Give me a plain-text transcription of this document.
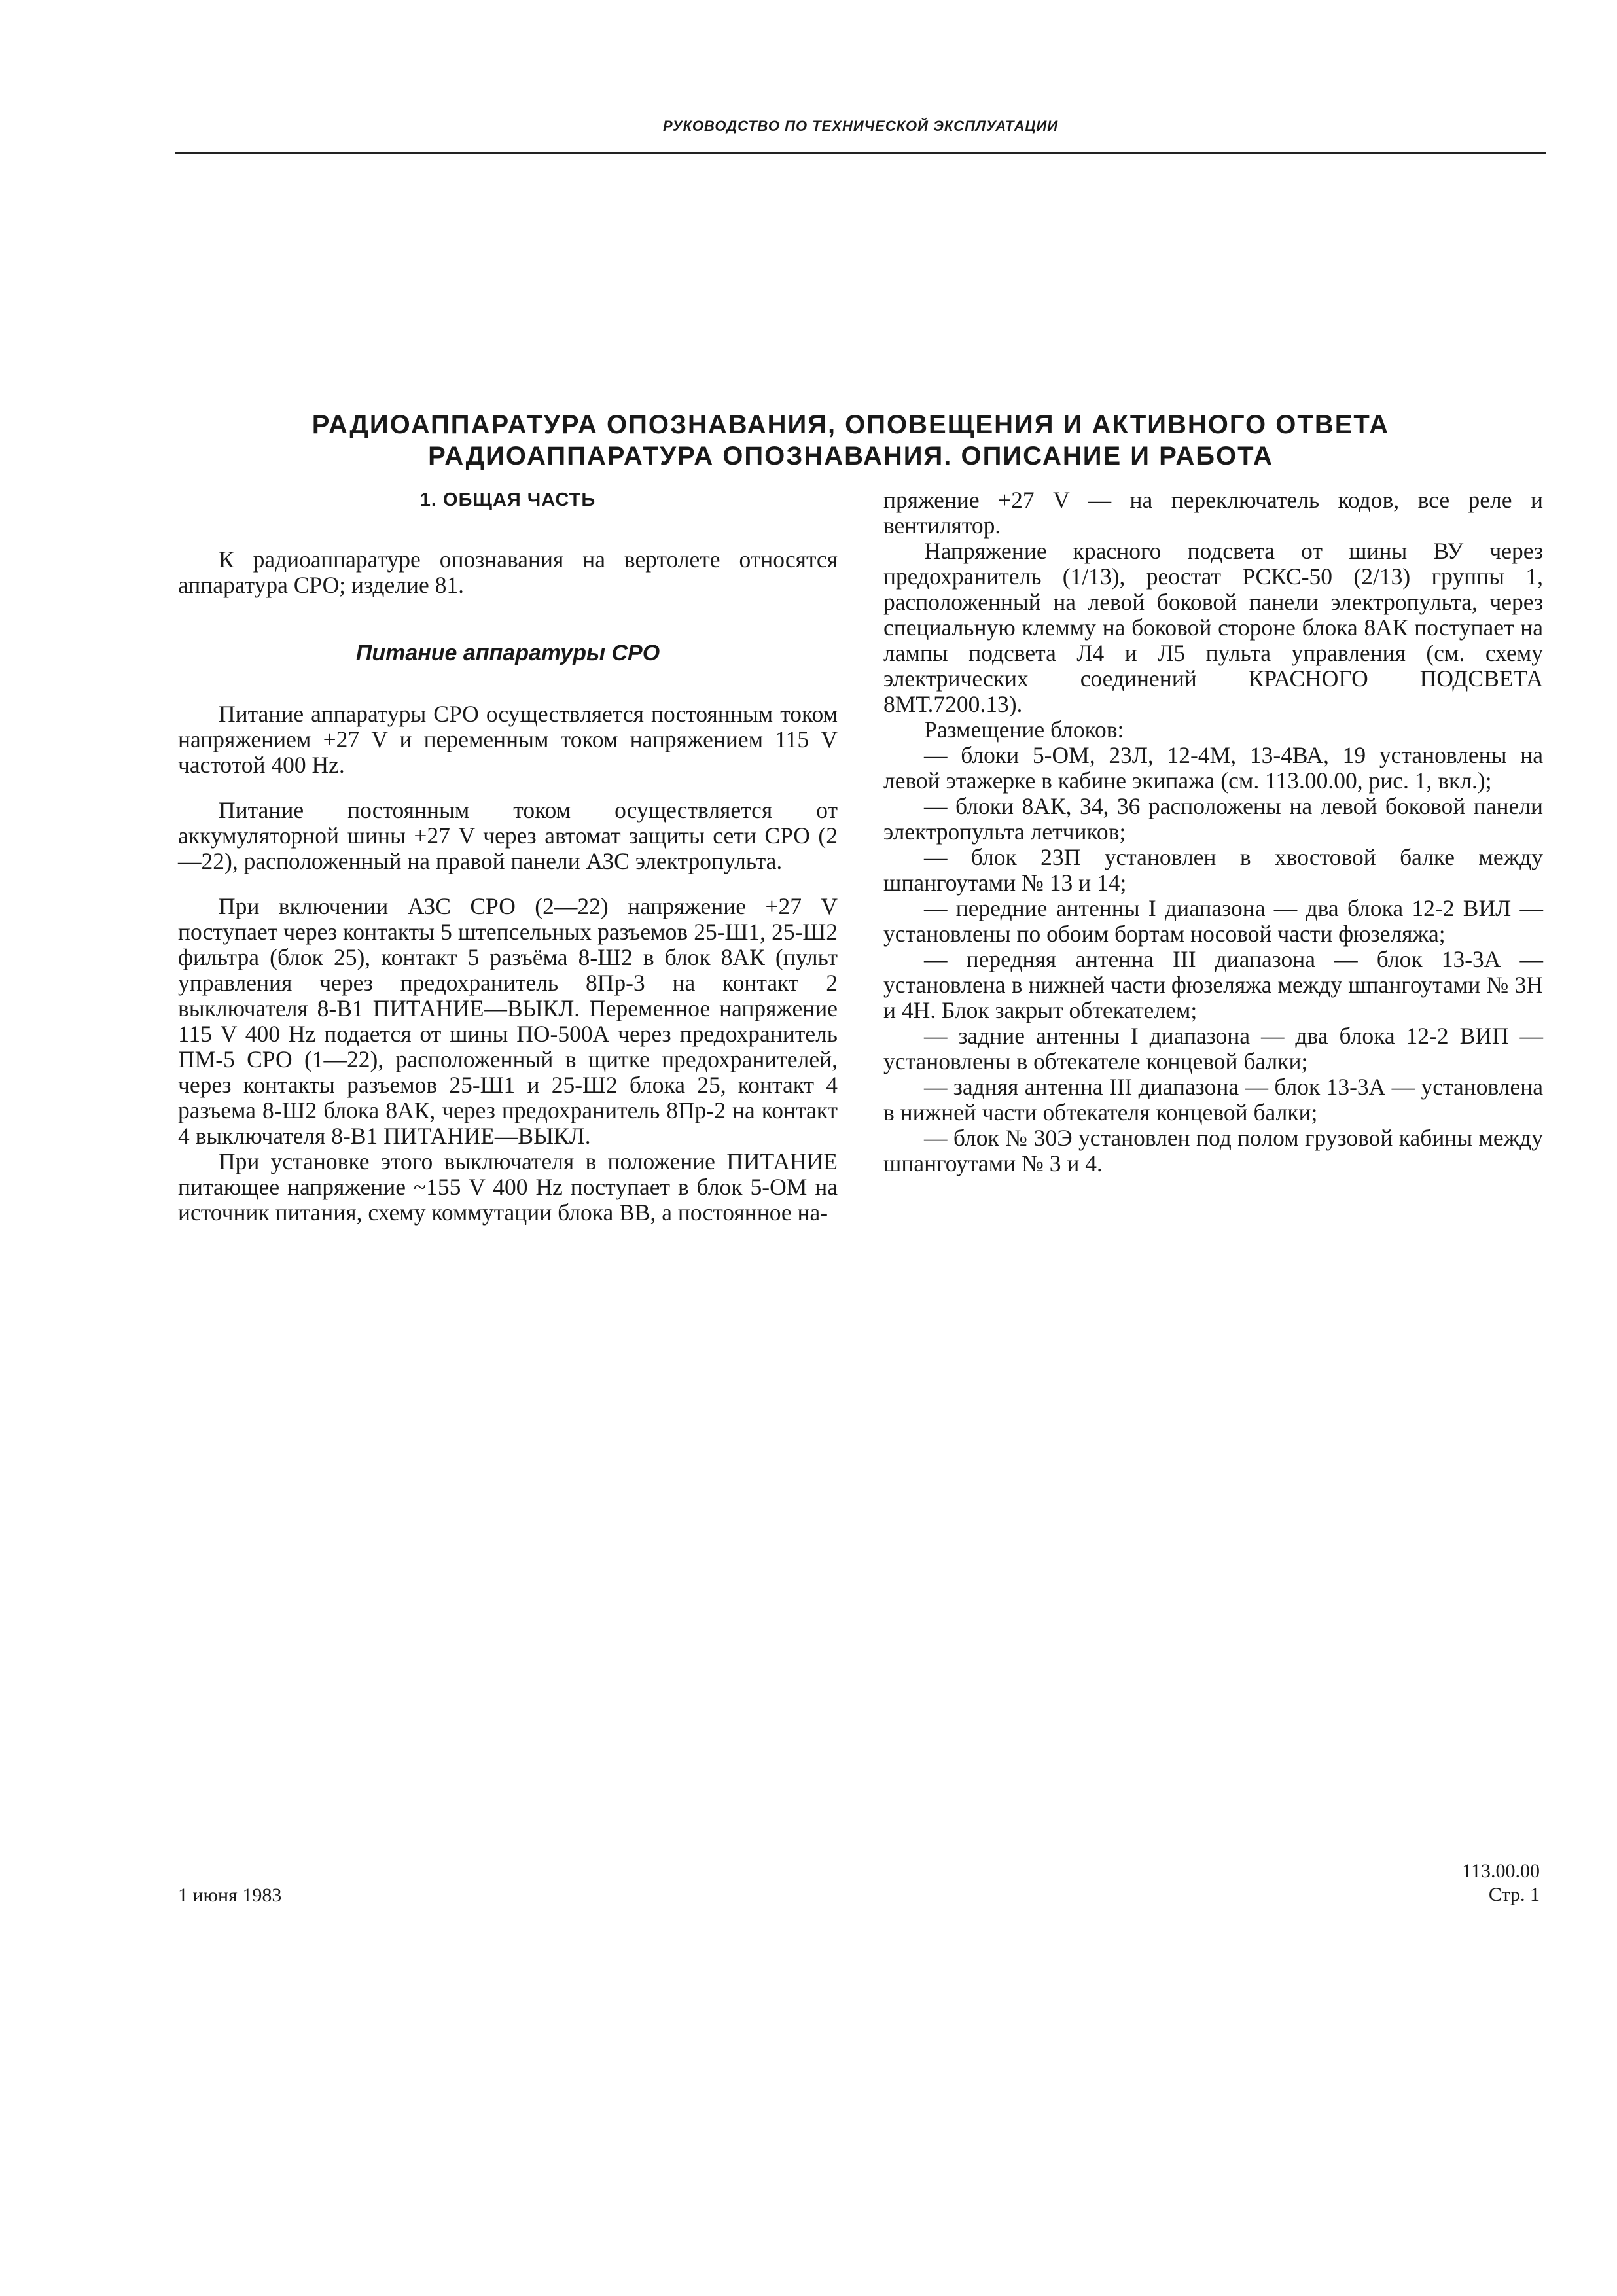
РУКОВОДСТВО ПО ТЕХНИЧЕСКОЙ ЭКСПЛУАТАЦИИ
РАДИОАППАРАТУРА ОПОЗНАВАНИЯ, ОПОВЕЩЕНИЯ И АКТИВНОГО ОТВЕТА
РАДИОАППАРАТУРА ОПОЗНАВАНИЯ. ОПИСАНИЕ И РАБОТА

1. ОБЩАЯ ЧАСТЬ

К радиоаппаратуре опознавания на вертолете относятся аппаратура СРО; изделие 81.

Питание аппаратуры СРО

Питание аппаратуры СРО осуществляется постоянным током напряжением +27 V и переменным током напряжением 115 V частотой 400 Hz.

Питание постоянным током осуществляется от аккумуляторной шины +27 V через автомат защиты сети СРО (2—22), расположенный на правой панели АЗС электропульта.

При включении АЗС СРО (2—22) напряжение +27 V поступает через контакты 5 штепсельных разъемов 25-Ш1, 25-Ш2 фильтра (блок 25), контакт 5 разъёма 8-Ш2 в блок 8АК (пульт управления через предохранитель 8Пр-3 на контакт 2 выключателя 8-В1 ПИТАНИЕ—ВЫКЛ. Переменное напряжение 115 V 400 Hz подается от шины ПО-500А через предохранитель ПМ-5 СРО (1—22), расположенный в щитке предохранителей, через контакты разъемов 25-Ш1 и 25-Ш2 блока 25, контакт 4 разъема 8-Ш2 блока 8АК, через предохранитель 8Пр-2 на контакт 4 выключателя 8-В1 ПИТАНИЕ—ВЫКЛ.

При установке этого выключателя в положение ПИТАНИЕ питающее напряжение ~155 V 400 Hz поступает в блок 5-ОМ на источник питания, схему коммутации блока ВВ, а постоянное на-

пряжение +27 V — на переключатель кодов, все реле и вентилятор.

Напряжение красного подсвета от шины ВУ через предохранитель (1/13), реостат РСКС-50 (2/13) группы 1, расположенный на левой боковой панели электропульта, через специальную клемму на боковой стороне блока 8АК поступает на лампы подсвета Л4 и Л5 пульта управления (см. схему электрических соединений КРАСНОГО ПОДСВЕТА 8МТ.7200.13).

Размещение блоков:

— блоки 5-ОМ, 23Л, 12-4М, 13-4ВА, 19 установлены на левой этажерке в кабине экипажа (см. 113.00.00, рис. 1, вкл.);

— блоки 8АК, 34, 36 расположены на левой боковой панели электропульта летчиков;

— блок 23П установлен в хвостовой балке между шпангоутами № 13 и 14;

— передние антенны I диапазона — два блока 12-2 ВИЛ — установлены по обоим бортам носовой части фюзеляжа;

— передняя антенна III диапазона — блок 13-3А — установлена в нижней части фюзеляжа между шпангоутами № 3Н и 4Н. Блок закрыт обтекателем;

— задние антенны I диапазона — два блока 12-2 ВИП — установлены в обтекателе концевой балки;

— задняя антенна III диапазона — блок 13-3А — установлена в нижней части обтекателя концевой балки;

— блок № 30Э установлен под полом грузовой кабины между шпангоутами № 3 и 4.

1 июня 1983
113.00.00
Стр. 1
